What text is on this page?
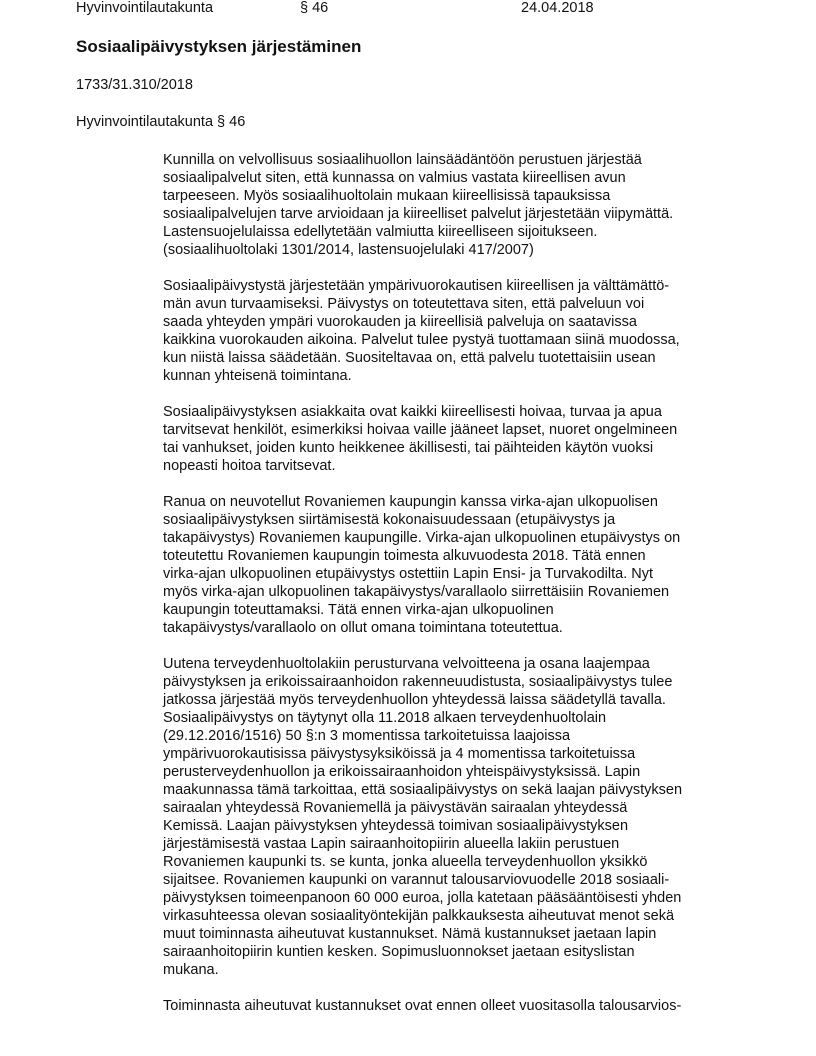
Hyvinvointilautakunta	§ 46	24.04.2018
Sosiaalipäivystyksen järjestäminen
1733/31.310/2018
Hyvinvointilautakunta § 46
Kunnilla on velvollisuus sosiaalihuollon lainsäädäntöön perustuen järjestää
sosiaalipalvelut siten, että kunnassa on valmius vastata kiireellisen avun
tarpeeseen. Myös sosiaalihuoltolain mukaan kiireellisissä tapauksissa
sosiaalipalvelujen tarve arvioidaan ja kiireelliset palvelut järjestetään viipymättä.
Lastensuojelulaissa edellytetään valmiutta kiireelliseen sijoitukseen.
(sosiaalihuoltolaki 1301/2014, lastensuojelulaki 417/2007)
Sosiaalipäivystystä järjestetään ympärivuorokautisen kiireellisen ja välttämättö-
män avun turvaamiseksi. Päivystys on toteutettava siten, että palveluun voi
saada yhteyden ympäri vuorokauden ja kiireellisiä palveluja on saatavissa
kaikkina vuorokauden aikoina. Palvelut tulee pystyä tuottamaan siinä muodossa,
kun niistä laissa säädetään. Suositeltavaa on, että palvelu tuotettaisiin usean
kunnan yhteisenä toimintana.
Sosiaalipäivystyksen asiakkaita ovat kaikki kiireellisesti hoivaa, turvaa ja apua
tarvitsevat henkilöt, esimerkiksi hoivaa vaille jääneet lapset, nuoret ongelmineen
tai vanhukset, joiden kunto heikkenee äkillisesti, tai päihteiden käytön vuoksi
nopeasti hoitoa tarvitsevat.
Ranua on neuvotellut Rovaniemen kaupungin kanssa virka-ajan ulkopuolisen
sosiaalipäivystyksen siirtämisestä kokonaisuudessaan (etupäivystys ja
takapäivystys) Rovaniemen kaupungille. Virka-ajan ulkopuolinen etupäivystys on
toteutettu Rovaniemen kaupungin toimesta alkuvuodesta 2018. Tätä ennen
virka-ajan ulkopuolinen etupäivystys ostettiin Lapin Ensi- ja Turvakodilta. Nyt
myös virka-ajan ulkopuolinen takapäivystys/varallaolo siirrettäisiin Rovaniemen
kaupungin toteuttamaksi. Tätä ennen virka-ajan ulkopuolinen
takapäivystys/varallaolo on ollut omana toimintana toteutettua.
Uutena terveydenhuoltolakiin perusturvana velvoitteena ja osana laajempaa
päivystyksen ja erikoissairaanhoidon rakenneuudistusta, sosiaalipäivystys tulee
jatkossa järjestää myös terveydenhuollon yhteydessä laissa säädetyllä tavalla.
Sosiaalipäivystys on täytynyt olla 11.2018 alkaen terveydenhuoltolain
(29.12.2016/1516) 50 §:n 3 momentissa tarkoitetuissa laajoissa
ympärivuorokautisissa päivystysyksiköissä ja 4 momentissa tarkoitetuissa
perusterveydenhuollon ja erikoissairaanhoidon yhteispäivystyksissä. Lapin
maakunnassa tämä tarkoittaa, että sosiaalipäivystys on sekä laajan päivystyksen
sairaalan yhteydessä Rovaniemellä ja päivystävän sairaalan yhteydessä
Kemissä. Laajan päivystyksen yhteydessä toimivan sosiaalipäivystyksen
järjestämisestä vastaa Lapin sairaanhoitopiirin alueella lakiin perustuen
Rovaniemen kaupunki ts. se kunta, jonka alueella terveydenhuollon yksikkö
sijaitsee. Rovaniemen kaupunki on varannut talousarviovuodelle 2018 sosiaali-
päivystyksen toimeenpanoon 60 000 euroa, jolla katetaan pääsääntöisesti yhden
virkasuhteessa olevan sosiaalityöntekijän palkkauksesta aiheutuvat menot sekä
muut toiminnasta aiheutuvat kustannukset. Nämä kustannukset jaetaan lapin
sairaanhoitopiirin kuntien kesken. Sopimusluonnokset jaetaan esityslistan
mukana.
Toiminnasta aiheutuvat kustannukset ovat ennen olleet vuositasolla talousarvios-
